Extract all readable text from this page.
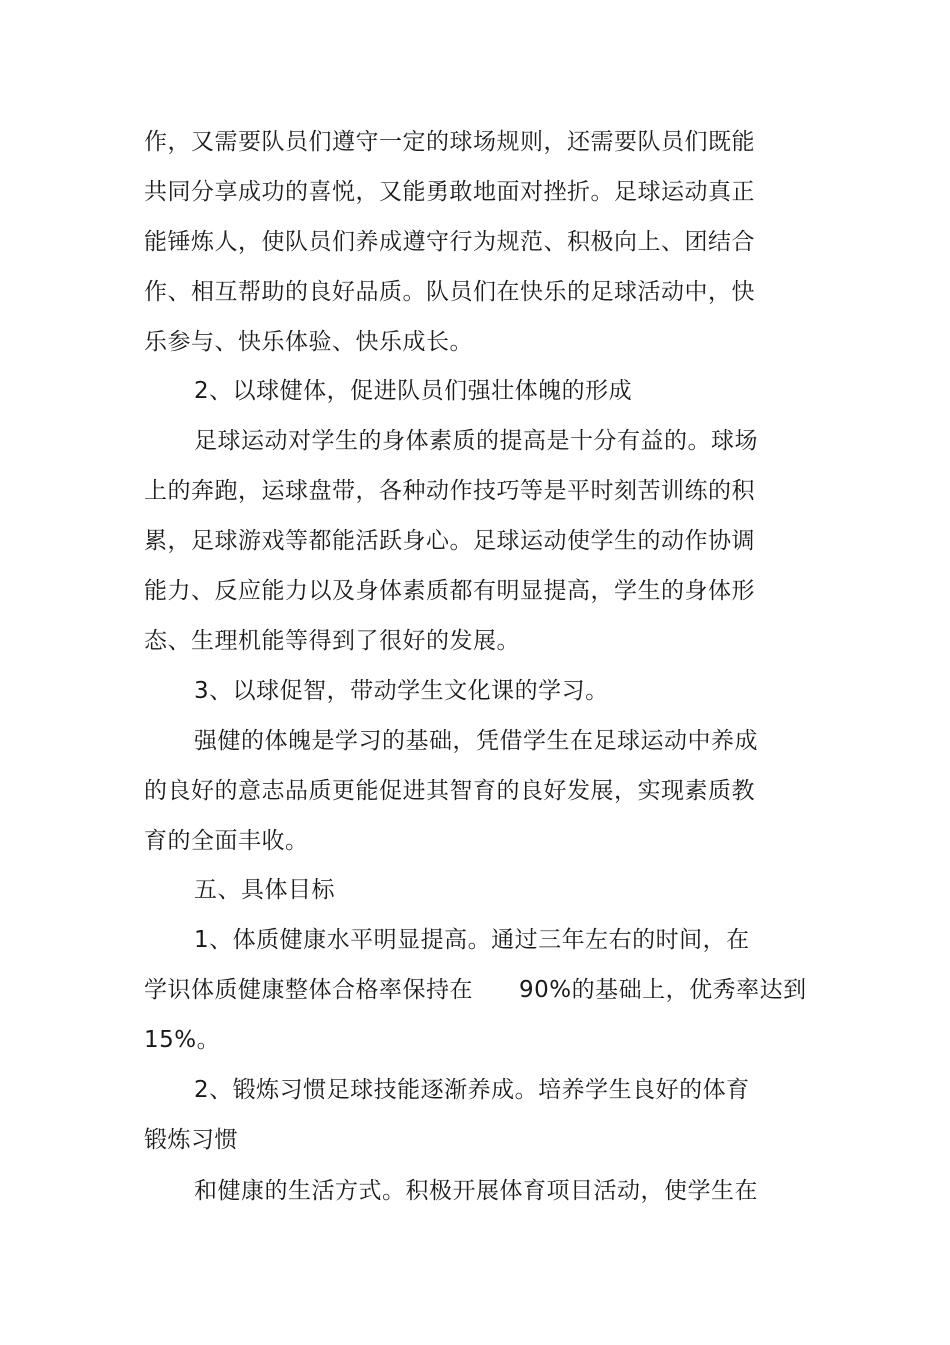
作，又需要队员们遵守一定的球场规则，还需要队员们既能
共同分享成功的喜悦，又能勇敢地面对挫折。足球运动真正
能锤炼人，使队员们养成遵守行为规范、积极向上、团结合
作、相互帮助的良好品质。队员们在快乐的足球活动中，快
乐参与、快乐体验、快乐成长。
2、以球健体，促进队员们强壮体魄的形成
足球运动对学生的身体素质的提高是十分有益的。球场
上的奔跑，运球盘带，各种动作技巧等是平时刻苦训练的积
累，足球游戏等都能活跃身心。足球运动使学生的动作协调
能力、反应能力以及身体素质都有明显提高，学生的身体形
态、生理机能等得到了很好的发展。
3、以球促智，带动学生文化课的学习。
强健的体魄是学习的基础，凭借学生在足球运动中养成
的良好的意志品质更能促进其智育的良好发展，实现素质教
育的全面丰收。
五、具体目标
1、体质健康水平明显提高。通过三年左右的时间，在
学识体质健康整体合格率保持在 90%的基础上，优秀率达到
15%。
2、锻炼习惯足球技能逐渐养成。培养学生良好的体育
锻炼习惯
和健康的生活方式。积极开展体育项目活动，使学生在
